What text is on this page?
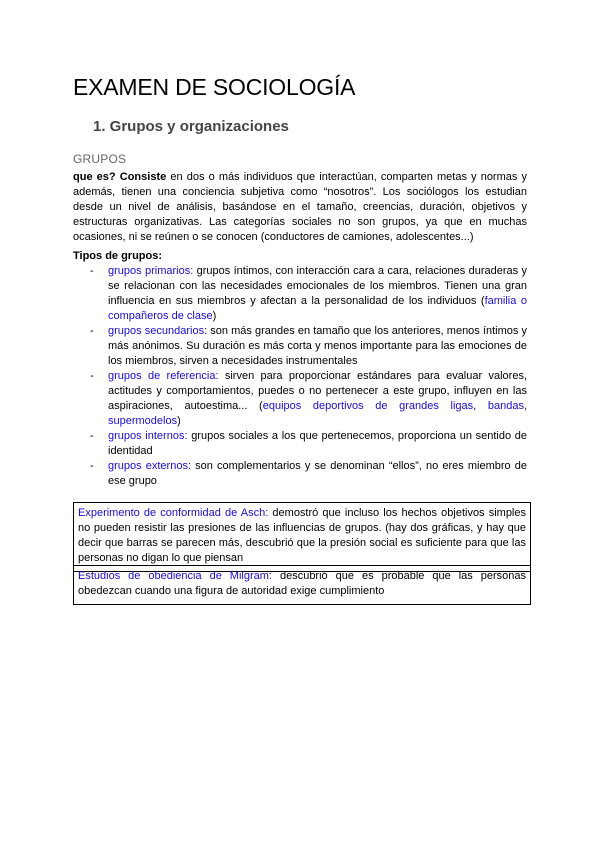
EXAMEN DE SOCIOLOGÍA
1. Grupos y organizaciones
GRUPOS

que es? Consiste en dos o más individuos que interactúan, comparten metas y normas y además, tienen una conciencia subjetiva como “nosotros”. Los sociólogos los estudian desde un nivel de análisis, basándose en el tamaño, creencias, duración, objetivos y estructuras organizativas. Las categorías sociales no son grupos, ya que en muchas ocasiones, ni se reúnen o se conocen (conductores de camiones, adolescentes...)

Tipos de grupos:
- grupos primarios: grupos íntimos, con interacción cara a cara, relaciones duraderas y se relacionan con las necesidades emocionales de los miembros. Tienen una gran influencia en sus miembros y afectan a la personalidad de los individuos (familia o compañeros de clase)
- grupos secundarios: son más grandes en tamaño que los anteriores, menos íntimos y más anónimos. Su duración es más corta y menos importante para las emociones de los miembros, sirven a necesidades instrumentales
- grupos de referencia: sirven para proporcionar estándares para evaluar valores, actitudes y comportamientos, puedes o no pertenecer a este grupo, influyen en las aspiraciones, autoestima... (equipos deportivos de grandes ligas, bandas, supermodelos)
- grupos internos: grupos sociales a los que pertenecemos, proporciona un sentido de identidad
- grupos externos: son complementarios y se denominan “ellos”, no eres miembro de ese grupo
Experimento de conformidad de Asch: demostró que incluso los hechos objetivos simples no pueden resistir las presiones de las influencias de grupos. (hay dos gráficas, y hay que decir que barras se parecen más, descubrió que la presión social es suficiente para que las personas no digan lo que piensan
Estudios de obediencia de Milgram: descubrió que es probable que las personas obedezcan cuando una figura de autoridad exige cumplimiento
